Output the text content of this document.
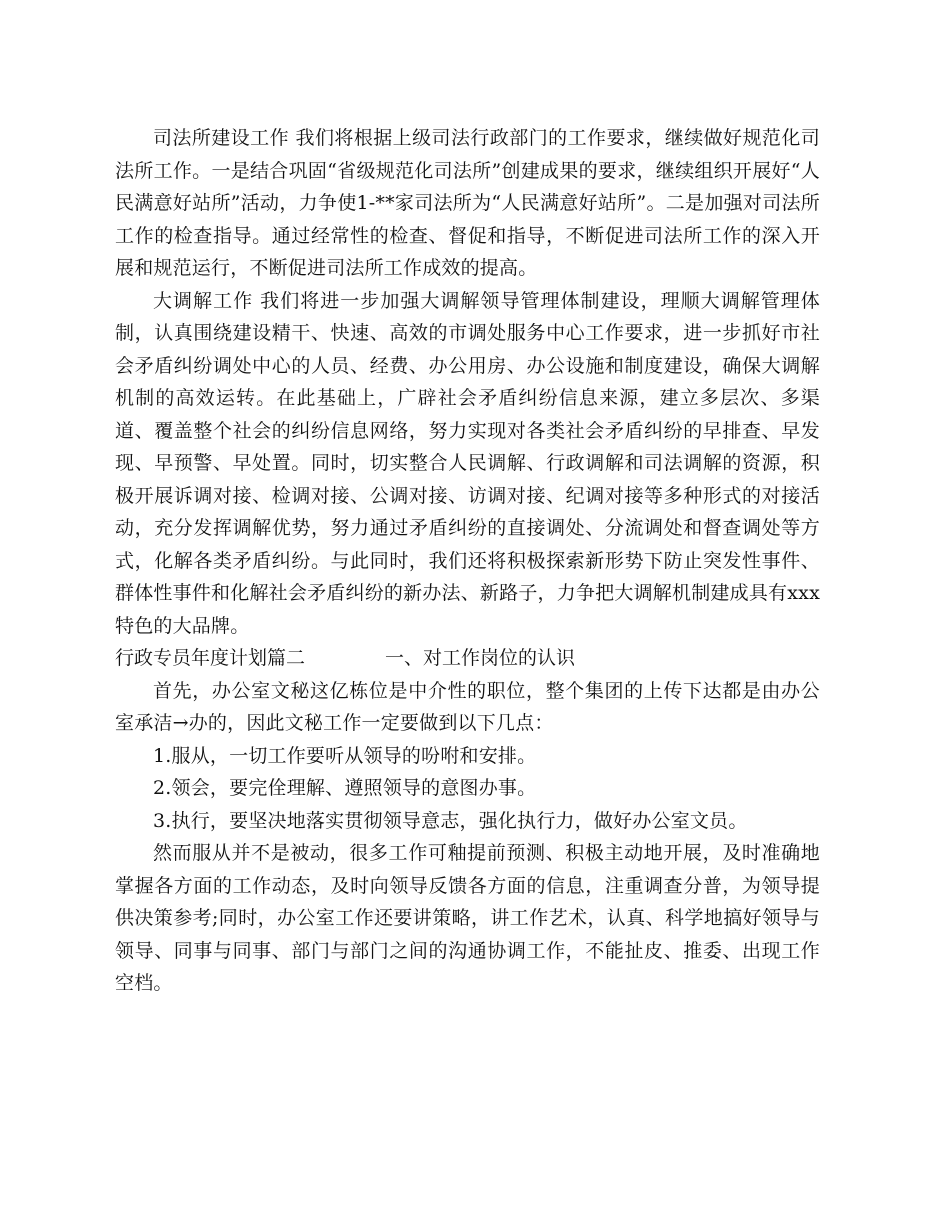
司法所建设工作 我们将根据上级司法行政部门的工作要求，继续做好规范化司法所工作。一是结合巩固“省级规范化司法所”创建成果的要求，继续组织开展好“人民满意好站所”活动，力争使1-**家司法所为“人民满意好站所”。二是加强对司法所工作的检查指导。通过经常性的检查、督促和指导，不断促进司法所工作的深入开展和规范运行，不断促进司法所工作成效的提高。

大调解工作 我们将进一步加强大调解领导管理体制建设，理顺大调解管理体制，认真围绕建设精干、快速、高效的市调处服务中心工作要求，进一步抓好市社会矛盾纠纷调处中心的人员、经费、办公用房、办公设施和制度建设，确保大调解机制的高效运转。在此基础上，广辟社会矛盾纠纷信息来源，建立多层次、多渠道、覆盖整个社会的纠纷信息网络，努力实现对各类社会矛盾纠纷的早排查、早发现、早预警、早处置。同时，切实整合人民调解、行政调解和司法调解的资源，积极开展诉调对接、检调对接、公调对接、访调对接、纪调对接等多种形式的对接活动，充分发挥调解优势，努力通过矛盾纠纷的直接调处、分流调处和督查调处等方式，化解各类矛盾纠纷。与此同时，我们还将积极探索新形势下防止突发性事件、群体性事件和化解社会矛盾纠纷的新办法、新路子，力争把大调解机制建成具有xxx特色的大品牌。

行政专员年度计划篇二	一、对工作岗位的认识

首先，办公室文秘这亿栋位是中介性的职位，整个集团的上传下达都是由办公室承洁→办的，因此文秘工作一定要做到以下几点：

1.服从，一切工作要听从领导的吩咐和安排。

2.领会，要完佺理解、遵照领导的意图办事。

3.执行，要坚决地落实贯彻领导意志，强化执行力，做好办公室文员。

然而服从并不是被动，很多工作可釉提前预测、积极主动地开展，及时准确地掌握各方面的工作动态，及时向领导反馈各方面的信息，注重调查分普，为领导提供决策参考;同时，办公室工作还要讲策略，讲工作艺术，认真、科学地搞好领导与领导、同事与同事、部门与部门之间的沟通协调工作，不能扯皮、推委、出现工作空档。
